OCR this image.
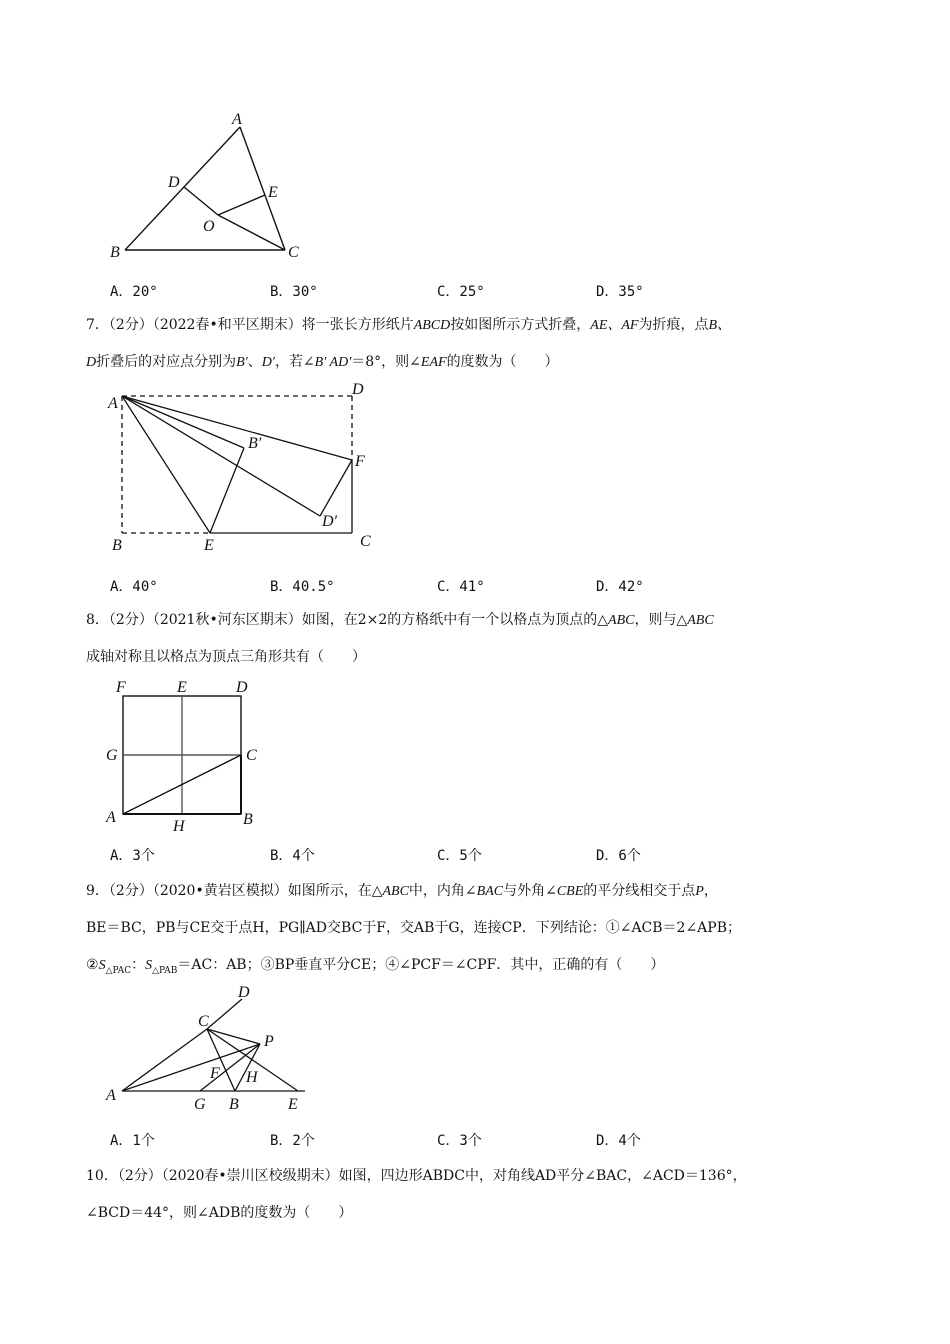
A
D
E
O
B	C
A．20°	B．30°	C．25°	D．35°

7．（2分）（2022春•和平区期末）将一张长方形纸片ABCD按如图所示方式折叠，AE、AF为折痕，点B、

D折叠后的对应点分别为B′、D′，若∠B′ AD′＝8°，则∠EAF的度数为（　　）

A
D
B′
F
D′
B	E	C
A．40°	B．40.5°	C．41°	D．42°

8．（2分）（2021秋•河东区期末）如图，在2×2的方格纸中有一个以格点为顶点的△ABC，则与△ABC

成轴对称且以格点为顶点三角形共有（　　）

F	E	D
G	C
A
H	B
A．3个	B．4个	C．5个	D．6个

9．（2分）（2020•黄岩区模拟）如图所示，在△ABC中，内角∠BAC与外角∠CBE的平分线相交于点P，

BE＝BC，PB与CE交于点H，PG∥AD交BC于F，交AB于G，连接CP．下列结论：①∠ACB＝2∠APB；

$②S_{\triangle PAC}$：$S_{\triangle PAB}=AC$：AB；③BP垂直平分CE；④∠PCF＝∠CPF．其中，正确的有（　　）

D
C
P
F H
A
G B	E
A．1个	B．2个	C．3个	D．4个

10．（2分）（2020春•崇川区校级期末）如图，四边形ABDC中，对角线AD平分∠BAC，∠ACD＝136°，

∠BCD＝44°，则∠ADB的度数为（　　）
